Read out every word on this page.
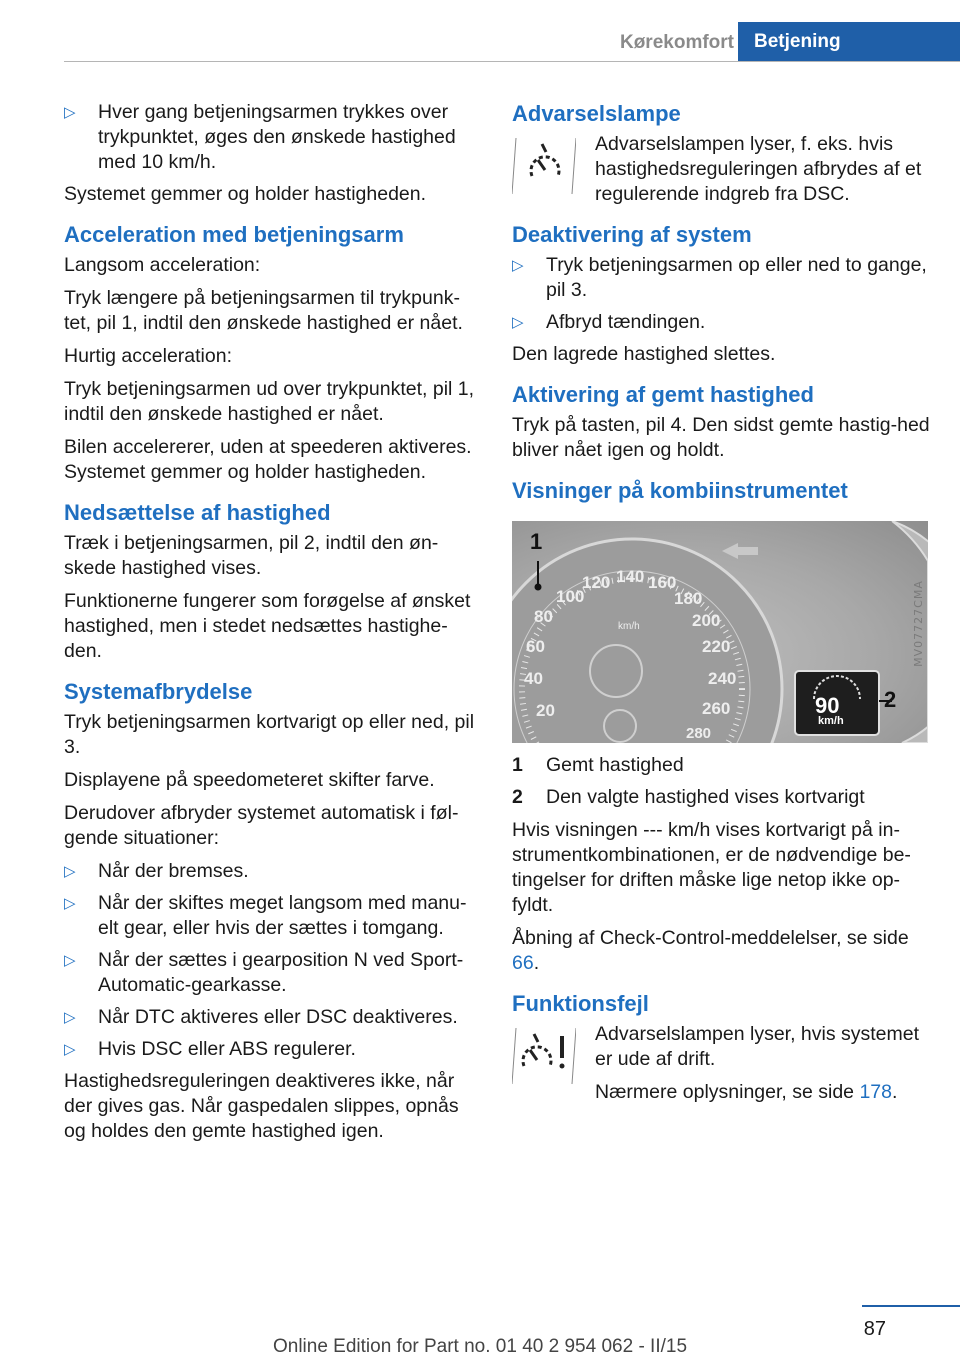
Kørekomfort	Betjening
▷ Hver gang betjeningsarmen trykkes over trykpunktet, øges den ønskede hastighed med 10 km/h.

Systemet gemmer og holder hastigheden.

Acceleration med betjeningsarm

Langsom acceleration:

Tryk længere på betjeningsarmen til trykpunk-tet, pil 1, indtil den ønskede hastighed er nået.

Hurtig acceleration:

Tryk betjeningsarmen ud over trykpunktet, pil 1, indtil den ønskede hastighed er nået.

Bilen accelererer, uden at speederen aktiveres. Systemet gemmer og holder hastigheden.

Nedsættelse af hastighed

Træk i betjeningsarmen, pil 2, indtil den øn-skede hastighed vises.

Funktionerne fungerer som forøgelse af ønsket hastighed, men i stedet nedsættes hastighe-den.

Systemafbrydelse

Tryk betjeningsarmen kortvarigt op eller ned, pil 3.

Displayene på speedometeret skifter farve.

Derudover afbryder systemet automatisk i føl-gende situationer:

▷ Når der bremses.
▷ Når der skiftes meget langsom med manu-elt gear, eller hvis der sættes i tomgang.
▷ Når der sættes i gearposition N ved Sport-Automatic-gearkasse.
▷ Når DTC aktiveres eller DSC deaktiveres.
▷ Hvis DSC eller ABS regulerer.

Hastighedsreguleringen deaktiveres ikke, når der gives gas. Når gaspedalen slippes, opnås og holdes den gemte hastighed igen.

Advarselslampe

Advarselslampen lyser, f. eks. hvis hastighedsreguleringen afbrydes af et regulerende indgreb fra DSC.

Deaktivering af system
▷ Tryk betjeningsarmen op eller ned to gange, pil 3.
▷ Afbryd tændingen.

Den lagrede hastighed slettes.

Aktivering af gemt hastighed

Tryk på tasten, pil 4. Den sidst gemte hastig-hed bliver nået igen og holdt.

Visninger på kombiinstrumentet
1
2
20
40
60
80
100
120 140 160
180
200
220
240
260
280
km/h
90
km/h
MV07727CMA
1	Gemt hastighed
2	Den valgte hastighed vises kortvarigt

Hvis visningen --- km/h vises kortvarigt på in-strumentkombinationen, er de nødvendige be-tingelser for driften måske lige netop ikke op-fyldt.

Åbning af Check-Control-meddelelser, se side 66.

Funktionsfejl

Advarselslampen lyser, hvis systemet er ude af drift.

Nærmere oplysninger, se side 178.

87
Online Edition for Part no. 01 40 2 954 062 - II/15
